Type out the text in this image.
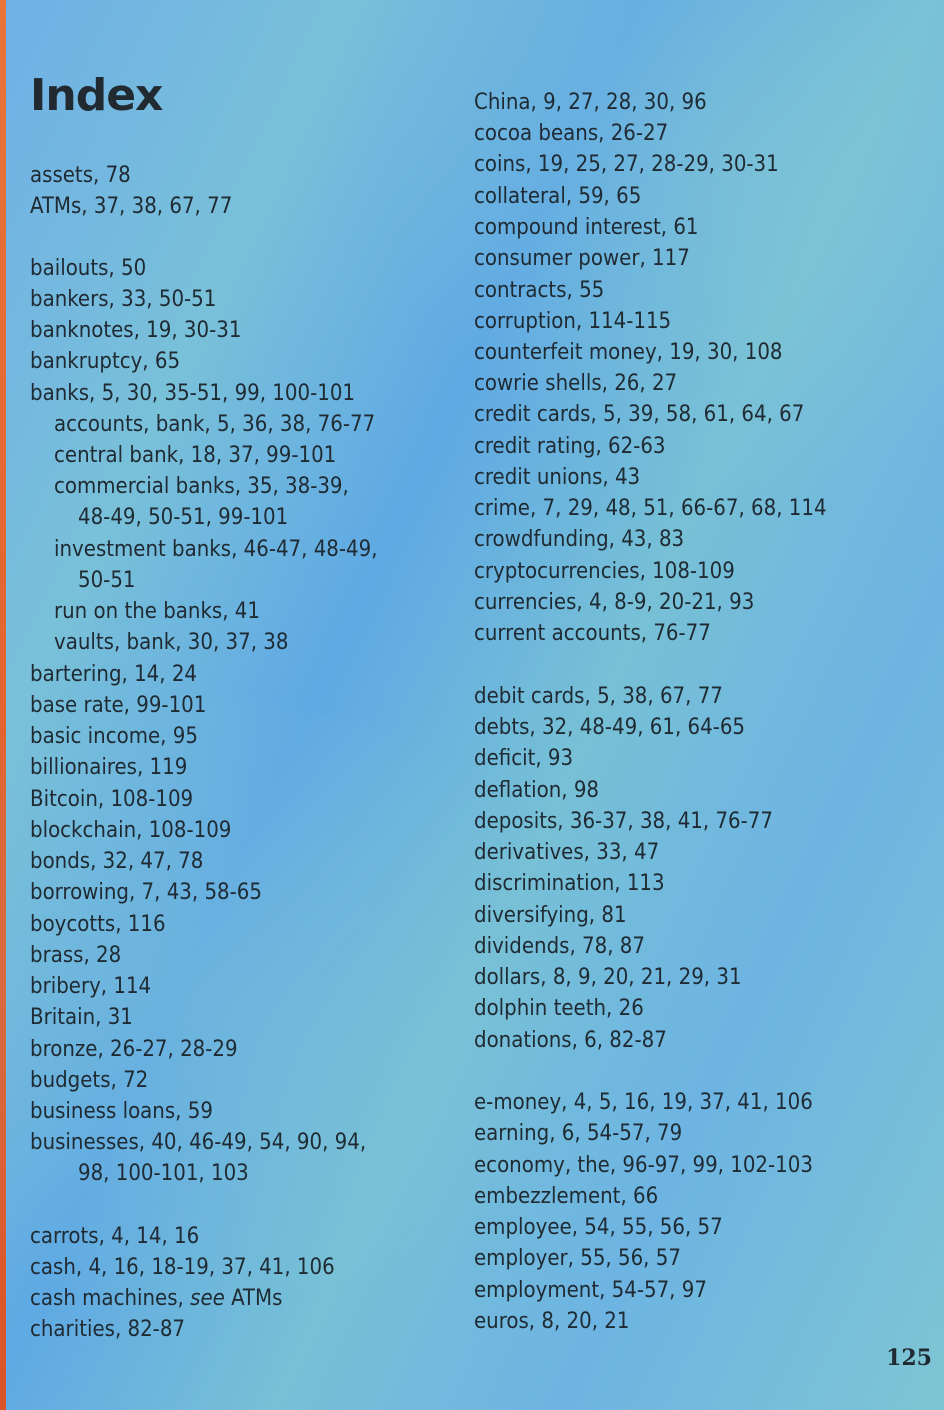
Index
assets, 78
ATMs, 37, 38, 67, 77
bailouts, 50
bankers, 33, 50-51
banknotes, 19, 30-31
bankruptcy, 65
banks, 5, 30, 35-51, 99, 100-101
accounts, bank, 5, 36, 38, 76-77
central bank, 18, 37, 99-101
commercial banks, 35, 38-39,
48-49, 50-51, 99-101
investment banks, 46-47, 48-49,
50-51
run on the banks, 41
vaults, bank, 30, 37, 38
bartering, 14, 24
base rate, 99-101
basic income, 95
billionaires, 119
Bitcoin, 108-109
blockchain, 108-109
bonds, 32, 47, 78
borrowing, 7, 43, 58-65
boycotts, 116
brass, 28
bribery, 114
Britain, 31
bronze, 26-27, 28-29
budgets, 72
business loans, 59
businesses, 40, 46-49, 54, 90, 94,
98, 100-101, 103
carrots, 4, 14, 16
cash, 4, 16, 18-19, 37, 41, 106
cash machines, see ATMs
charities, 82-87
China, 9, 27, 28, 30, 96
cocoa beans, 26-27
coins, 19, 25, 27, 28-29, 30-31
collateral, 59, 65
compound interest, 61
consumer power, 117
contracts, 55
corruption, 114-115
counterfeit money, 19, 30, 108
cowrie shells, 26, 27
credit cards, 5, 39, 58, 61, 64, 67
credit rating, 62-63
credit unions, 43
crime, 7, 29, 48, 51, 66-67, 68, 114
crowdfunding, 43, 83
cryptocurrencies, 108-109
currencies, 4, 8-9, 20-21, 93
current accounts, 76-77
debit cards, 5, 38, 67, 77
debts, 32, 48-49, 61, 64-65
deficit, 93
deflation, 98
deposits, 36-37, 38, 41, 76-77
derivatives, 33, 47
discrimination, 113
diversifying, 81
dividends, 78, 87
dollars, 8, 9, 20, 21, 29, 31
dolphin teeth, 26
donations, 6, 82-87
e-money, 4, 5, 16, 19, 37, 41, 106
earning, 6, 54-57, 79
economy, the, 96-97, 99, 102-103
embezzlement, 66
employee, 54, 55, 56, 57
employer, 55, 56, 57
employment, 54-57, 97
euros, 8, 20, 21
125
